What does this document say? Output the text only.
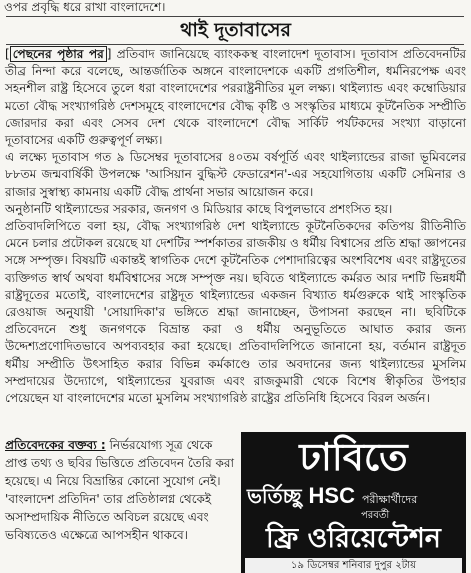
ওপর প্রবৃদ্ধি ধরে রাখা বাংলাদেশে।
থাই দূতাবাসের

[ পেছনের পৃষ্ঠার পর ] প্রতিবাদ জানিয়েছে ব্যাংককস্থ বাংলাদেশ দূতাবাস। দূতাবাস প্রতিবেদনটির তীব্র নিন্দা করে বলেছে, আন্তর্জাতিক অঙ্গনে বাংলাদেশকে একটি প্রগতিশীল, ধর্মনিরপেক্ষ এবং সহনশীল রাষ্ট্র হিসেবে তুলে ধরা বাংলাদেশের পররাষ্ট্রনীতির মূল লক্ষ্য। থাইল্যান্ড এবং কম্বোডিয়ার মতো বৌদ্ধ সংখ্যাগরিষ্ঠ দেশসমূহে বাংলাদেশের বৌদ্ধ কৃষ্টি ও সংস্কৃতির মাধ্যমে কূটনৈতিক সম্প্রীতি জোরদার করা এবং সেসব দেশ থেকে বাংলাদেশে বৌদ্ধ সার্কিট পর্যটকদের সংখ্যা বাড়ানো দূতাবাসের একটি গুরুত্বপূর্ণ লক্ষ্য।

এ লক্ষ্যে দূতাবাস গত ৯ ডিসেম্বর দূতাবাসের ৪০তম বর্ষপূর্তি এবং থাইল্যান্ডের রাজা ভূমিবলের ৮৮তম জন্মবার্ষিকী উপলক্ষে 'আসিয়ান বুদ্ধিস্ট ফেডারেশন'-এর সহযোগিতায় একটি সেমিনার ও রাজার সুস্বাস্থ্য কামনায় একটি বৌদ্ধ প্রার্থনা সভার আয়োজন করে।

অনুষ্ঠানটি থাইল্যান্ডের সরকার, জনগণ ও মিডিয়ার কাছে বিপুলভাবে প্রশংসিত হয়।

প্রতিবাদলিপিতে বলা হয়, বৌদ্ধ সংখ্যাগরিষ্ঠ দেশ থাইল্যান্ডে কূটনৈতিকদের কতিপয় রীতিনীতি মেনে চলার প্রটোকল রয়েছে যা দেশটির স্পর্শকাতর রাজকীয় ও ধর্মীয় বিশ্বাসের প্রতি শ্রদ্ধা জ্ঞাপনের সঙ্গে সম্পৃক্ত। বিষয়টি একান্তই স্বাগতিক দেশে কূটনৈতিক পেশাদারিত্বের অংশবিশেষ এবং রাষ্ট্রদূতের ব্যক্তিগত স্বার্থ অথবা ধর্মবিশ্বাসের সঙ্গে সম্পৃক্ত নয়। ছবিতে থাইল্যান্ডে কর্মরত আর দশটি ভিন্নধর্মী রাষ্ট্রদূতের মতোই, বাংলাদেশের রাষ্ট্রদূত থাইল্যান্ডের একজন বিখ্যাত ধর্মগুরুকে থাই সাংস্কৃতিক রেওয়াজ অনুযায়ী 'সোয়াদিকা'র ভঙ্গিতে শ্রদ্ধা জানাচ্ছেন, উপাসনা করছেন না। ছবিটিকে প্রতিবেদনে শুধু জনগণকে বিভ্রান্ত করা ও ধর্মীয় অনুভূতিতে আঘাত করার জন্য উদ্দেশ্যপ্রণোদিতভাবে অপব্যবহার করা হয়েছে। প্রতিবাদলিপিতে জানানো হয়, বর্তমান রাষ্ট্রদূত ধর্মীয় সম্প্রীতি উৎসাহিত করার বিভিন্ন কর্মকাণ্ডে তার অবদানের জন্য থাইল্যান্ডের মুসলিম সম্প্রদায়ের উদ্যোগে, থাইল্যান্ডের যুবরাজ এবং রাজকুমারী থেকে বিশেষ স্বীকৃতির উপহার পেয়েছেন যা বাংলাদেশের মতো মুসলিম সংখ্যাগরিষ্ঠ রাষ্ট্রের প্রতিনিধি হিসেবে বিরল অর্জন।

প্রতিবেদকের বক্তব্য : নির্ভরযোগ্য সূত্র থেকে প্রাপ্ত তথ্য ও ছবির ভিত্তিতে প্রতিবেদন তৈরি করা হয়েছে। এ নিয়ে বিভ্রান্তির কোনো সুযোগ নেই। 'বাংলাদেশ প্রতিদিন' তার প্রতিষ্ঠালগ্ন থেকেই অসাম্প্রদায়িক নীতিতে অবিচল রয়েছে এবং ভবিষ্যতেও এক্ষেত্রে আপসহীন থাকবে।
ঢাবিতে
ভর্তিচ্ছু HSC পরীক্ষার্থীদের
পরবর্তী
ফ্রি ওরিয়েন্টেশন
১৯ ডিসেম্বর শনিবার দুপুর ২টায়
